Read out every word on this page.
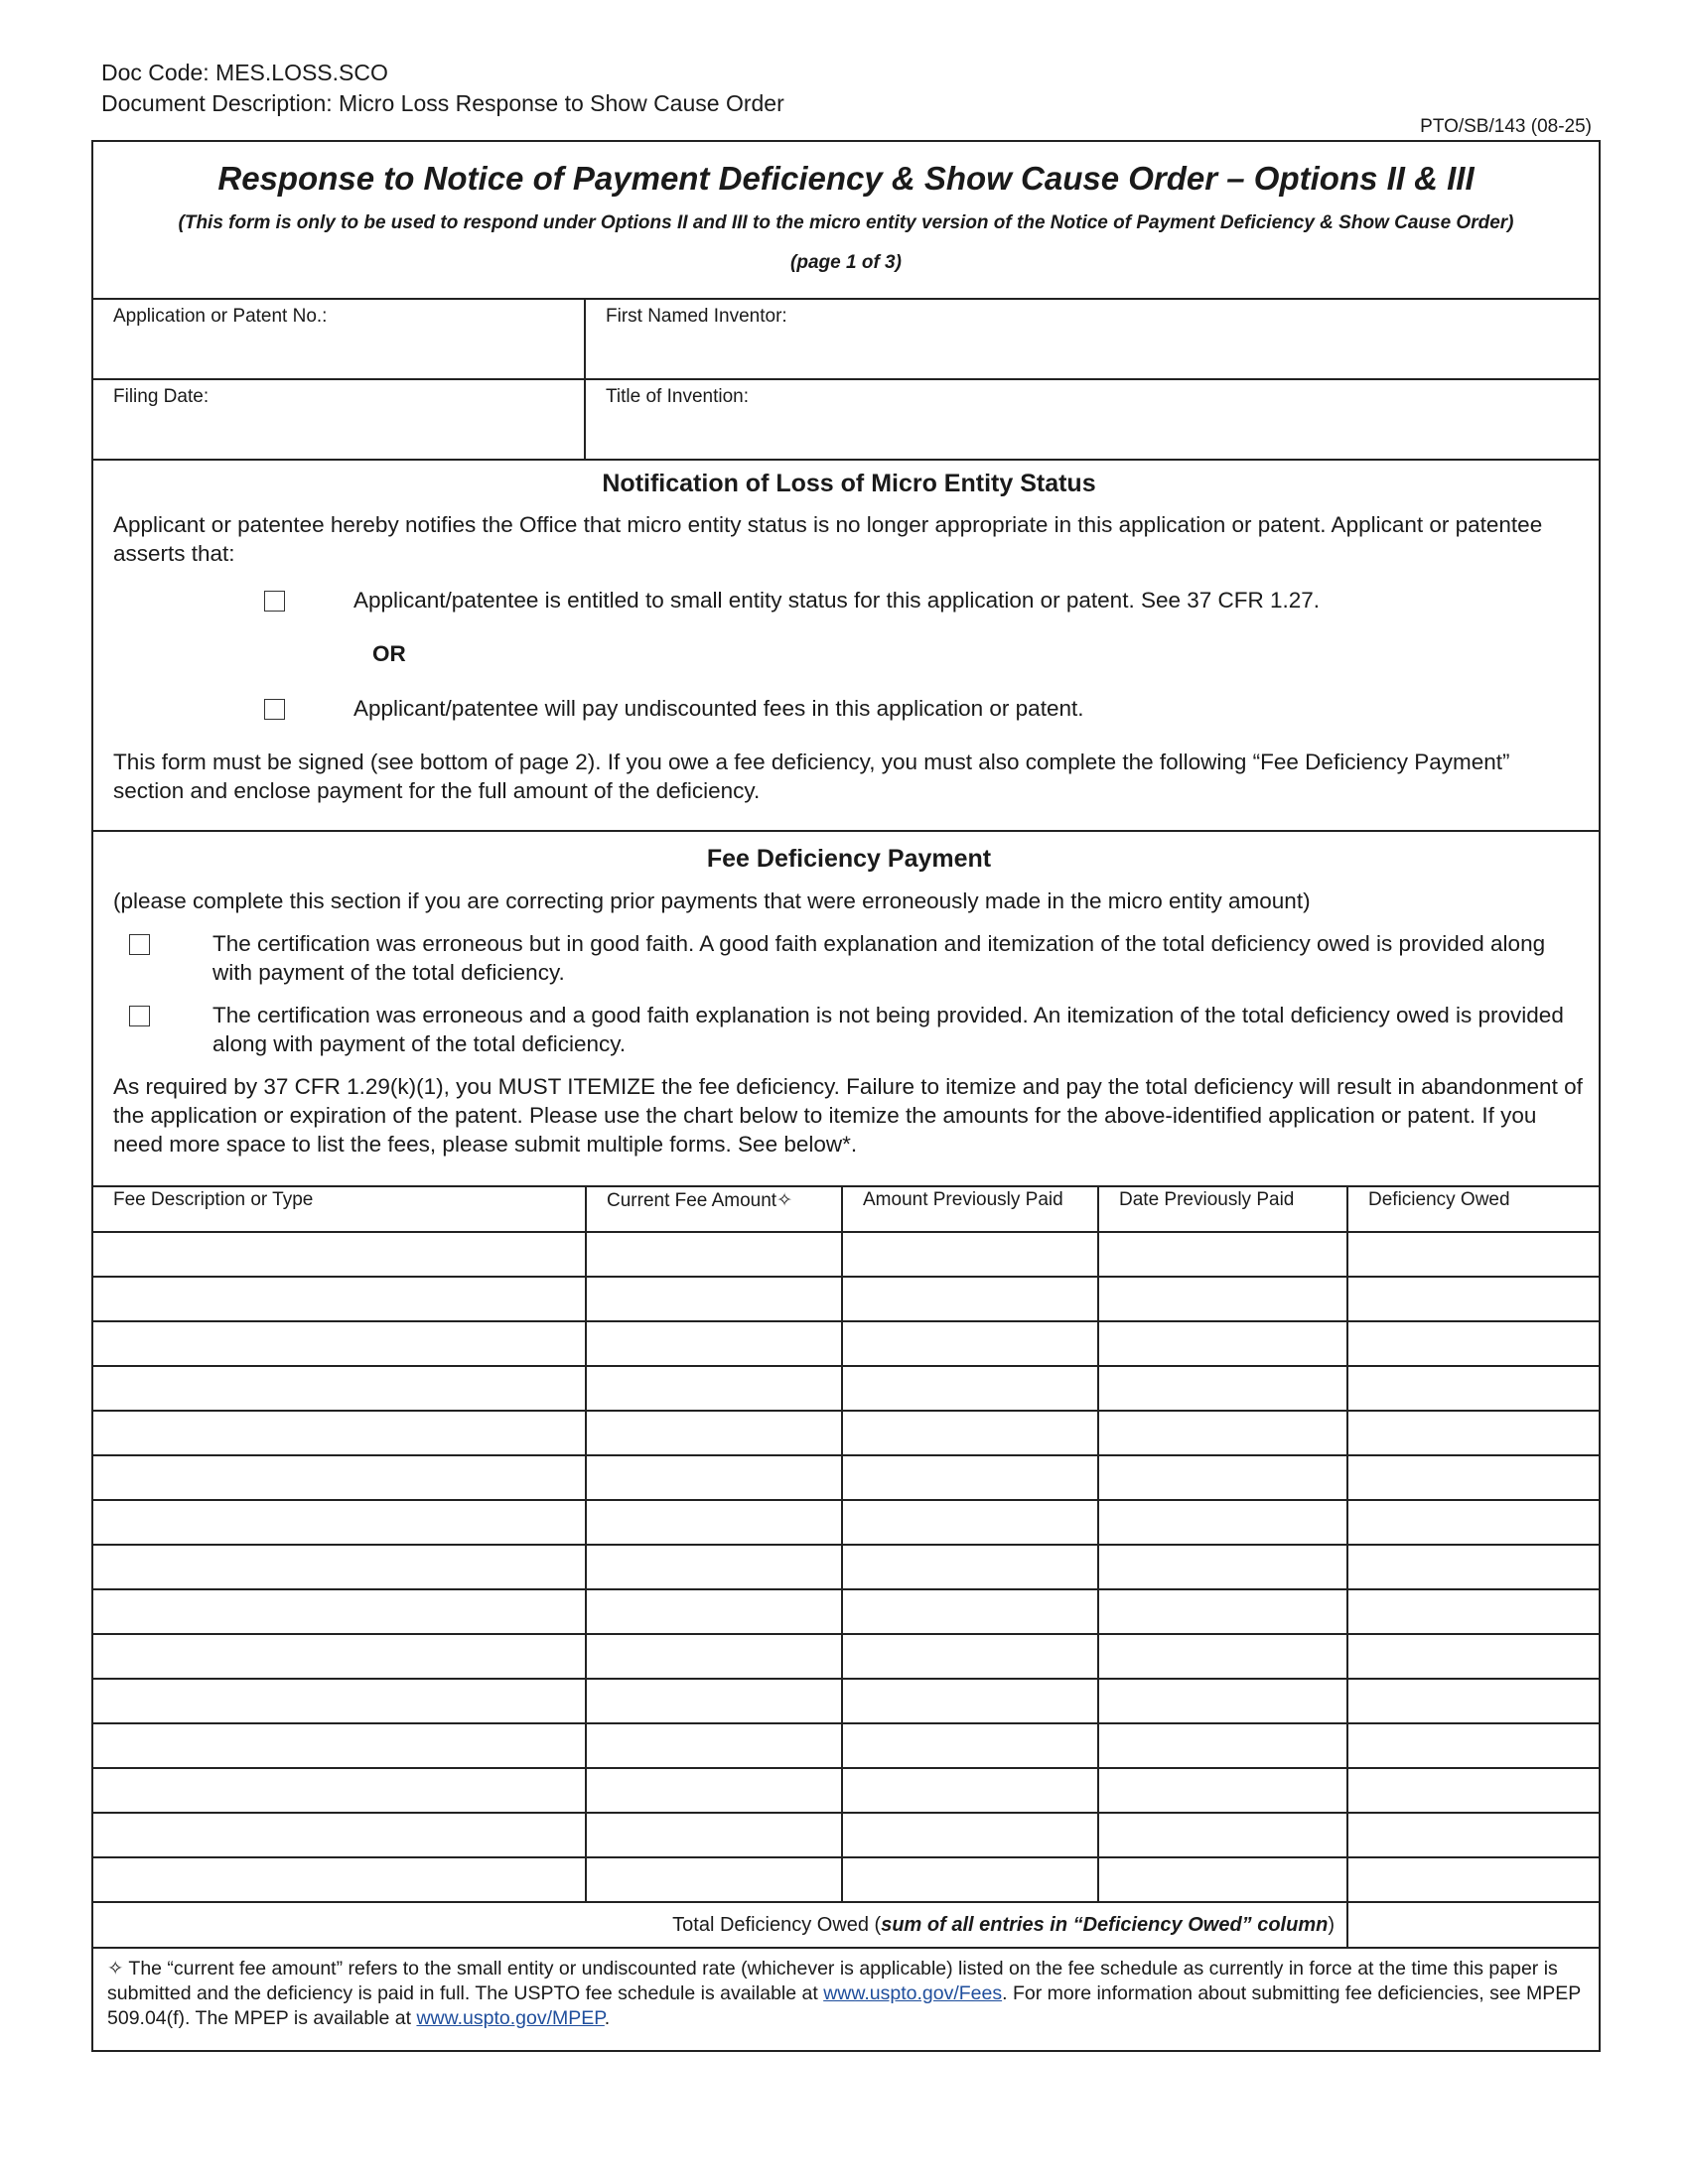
Doc Code: MES.LOSS.SCO
Document Description: Micro Loss Response to Show Cause Order
PTO/SB/143 (08-25)
Response to Notice of Payment Deficiency & Show Cause Order – Options II & III
(This form is only to be used to respond under Options II and III to the micro entity version of the Notice of Payment Deficiency & Show Cause Order)
(page 1 of 3)
Application or Patent No.:	First Named Inventor:
Filing Date:	Title of Invention:
Notification of Loss of Micro Entity Status
Applicant or patentee hereby notifies the Office that micro entity status is no longer appropriate in this application or patent. Applicant or patentee asserts that:
Applicant/patentee is entitled to small entity status for this application or patent. See 37 CFR 1.27.
OR
Applicant/patentee will pay undiscounted fees in this application or patent.
This form must be signed (see bottom of page 2). If you owe a fee deficiency, you must also complete the following “Fee Deficiency Payment” section and enclose payment for the full amount of the deficiency.
Fee Deficiency Payment
(please complete this section if you are correcting prior payments that were erroneously made in the micro entity amount)
The certification was erroneous but in good faith. A good faith explanation and itemization of the total deficiency owed is provided along with payment of the total deficiency.
The certification was erroneous and a good faith explanation is not being provided. An itemization of the total deficiency owed is provided along with payment of the total deficiency.
As required by 37 CFR 1.29(k)(1), you MUST ITEMIZE the fee deficiency. Failure to itemize and pay the total deficiency will result in abandonment of the application or expiration of the patent. Please use the chart below to itemize the amounts for the above-identified application or patent. If you need more space to list the fees, please submit multiple forms. See below*.
Fee Description or Type	Current Fee Amount✧	Amount Previously Paid	Date Previously Paid	Deficiency Owed

Total Deficiency Owed (sum of all entries in “Deficiency Owed” column)				
✧ The “current fee amount” refers to the small entity or undiscounted rate (whichever is applicable) listed on the fee schedule as currently in force at the time this paper is submitted and the deficiency is paid in full. The USPTO fee schedule is available at www.uspto.gov/Fees. For more information about submitting fee deficiencies, see MPEP 509.04(f). The MPEP is available at www.uspto.gov/MPEP.
